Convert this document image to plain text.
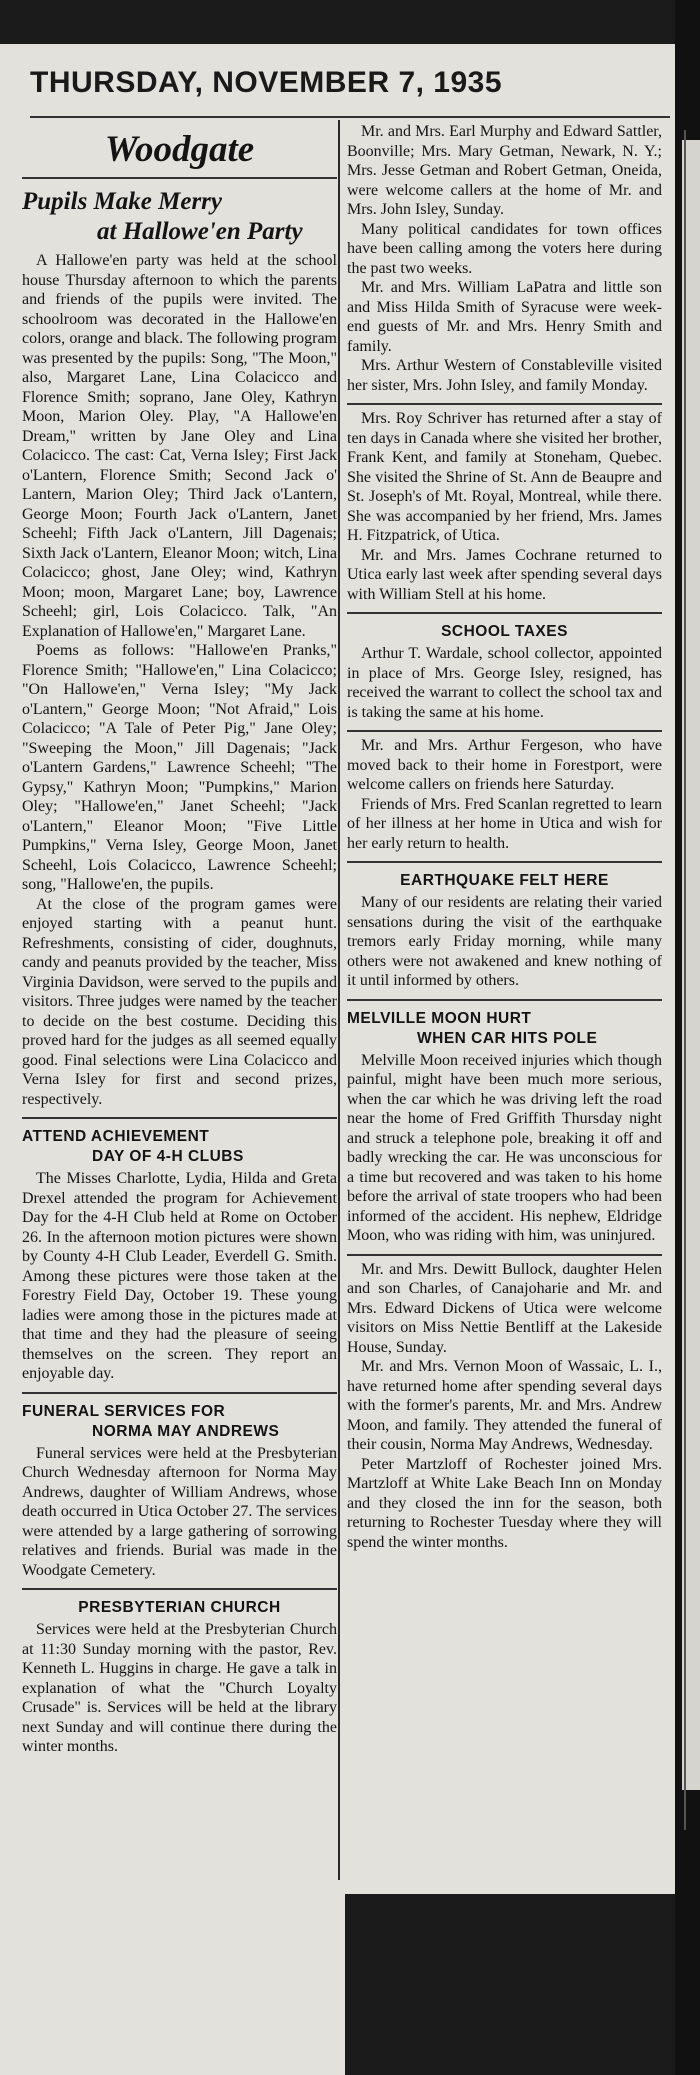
THURSDAY, NOVEMBER 7, 1935
Woodgate
Pupils Make Merry
at Hallowe'en Party

A Hallowe'en party was held at the school house Thursday afternoon to which the parents and friends of the pupils were invited. The schoolroom was decorated in the Hallowe'en colors, orange and black. The following program was presented by the pupils: Song, "The Moon," also, Margaret Lane, Lina Colacicco and Florence Smith; soprano, Jane Oley, Kathryn Moon, Marion Oley. Play, "A Hallowe'en Dream," written by Jane Oley and Lina Colacicco. The cast: Cat, Verna Isley; First Jack o'Lantern, Florence Smith; Second Jack o' Lantern, Marion Oley; Third Jack o'Lantern, George Moon; Fourth Jack o'Lantern, Janet Scheehl; Fifth Jack o'Lantern, Jill Dagenais; Sixth Jack o'Lantern, Eleanor Moon; witch, Lina Colacicco; ghost, Jane Oley; wind, Kathryn Moon; moon, Margaret Lane; boy, Lawrence Scheehl; girl, Lois Colacicco. Talk, "An Explanation of Hallowe'en," Margaret Lane.

Poems as follows: "Hallowe'en Pranks," Florence Smith; "Hallowe'en," Lina Colacicco; "On Hallowe'en," Verna Isley; "My Jack o'Lantern," George Moon; "Not Afraid," Lois Colacicco; "A Tale of Peter Pig," Jane Oley; "Sweeping the Moon," Jill Dagenais; "Jack o'Lantern Gardens," Lawrence Scheehl; "The Gypsy," Kathryn Moon; "Pumpkins," Marion Oley; "Hallowe'en," Janet Scheehl; "Jack o'Lantern," Eleanor Moon; "Five Little Pumpkins," Verna Isley, George Moon, Janet Scheehl, Lois Colacicco, Lawrence Scheehl; song, "Hallowe'en, the pupils.

At the close of the program games were enjoyed starting with a peanut hunt. Refreshments, consisting of cider, doughnuts, candy and peanuts provided by the teacher, Miss Virginia Davidson, were served to the pupils and visitors. Three judges were named by the teacher to decide on the best costume. Deciding this proved hard for the judges as all seemed equally good. Final selections were Lina Colacicco and Verna Isley for first and second prizes, respectively.

ATTEND ACHIEVEMENT
DAY OF 4-H CLUBS

The Misses Charlotte, Lydia, Hilda and Greta Drexel attended the program for Achievement Day for the 4-H Club held at Rome on October 26. In the afternoon motion pictures were shown by County 4-H Club Leader, Everdell G. Smith. Among these pictures were those taken at the Forestry Field Day, October 19. These young ladies were among those in the pictures made at that time and they had the pleasure of seeing themselves on the screen. They report an enjoyable day.

FUNERAL SERVICES FOR
NORMA MAY ANDREWS

Funeral services were held at the Presbyterian Church Wednesday afternoon for Norma May Andrews, daughter of William Andrews, whose death occurred in Utica October 27. The services were attended by a large gathering of sorrowing relatives and friends. Burial was made in the Woodgate Cemetery.

PRESBYTERIAN CHURCH

Services were held at the Presbyterian Church at 11:30 Sunday morning with the pastor, Rev. Kenneth L. Huggins in charge. He gave a talk in explanation of what the "Church Loyalty Crusade" is. Services will be held at the library next Sunday and will continue there during the winter months.

Mr. and Mrs. Earl Murphy and Edward Sattler, Boonville; Mrs. Mary Getman, Newark, N. Y.; Mrs. Jesse Getman and Robert Getman, Oneida, were welcome callers at the home of Mr. and Mrs. John Isley, Sunday.

Many political candidates for town offices have been calling among the voters here during the past two weeks.

Mr. and Mrs. William LaPatra and little son and Miss Hilda Smith of Syracuse were week-end guests of Mr. and Mrs. Henry Smith and family.

Mrs. Arthur Western of Constableville visited her sister, Mrs. John Isley, and family Monday.

Mrs. Roy Schriver has returned after a stay of ten days in Canada where she visited her brother, Frank Kent, and family at Stoneham, Quebec. She visited the Shrine of St. Ann de Beaupre and St. Joseph's of Mt. Royal, Montreal, while there. She was accompanied by her friend, Mrs. James H. Fitzpatrick, of Utica.

Mr. and Mrs. James Cochrane returned to Utica early last week after spending several days with William Stell at his home.

SCHOOL TAXES

Arthur T. Wardale, school collector, appointed in place of Mrs. George Isley, resigned, has received the warrant to collect the school tax and is taking the same at his home.

Mr. and Mrs. Arthur Fergeson, who have moved back to their home in Forestport, were welcome callers on friends here Saturday.

Friends of Mrs. Fred Scanlan regretted to learn of her illness at her home in Utica and wish for her early return to health.

EARTHQUAKE FELT HERE

Many of our residents are relating their varied sensations during the visit of the earthquake tremors early Friday morning, while many others were not awakened and knew nothing of it until informed by others.

MELVILLE MOON HURT
WHEN CAR HITS POLE

Melville Moon received injuries which though painful, might have been much more serious, when the car which he was driving left the road near the home of Fred Griffith Thursday night and struck a telephone pole, breaking it off and badly wrecking the car. He was unconscious for a time but recovered and was taken to his home before the arrival of state troopers who had been informed of the accident. His nephew, Eldridge Moon, who was riding with him, was uninjured.

Mr. and Mrs. Dewitt Bullock, daughter Helen and son Charles, of Canajoharie and Mr. and Mrs. Edward Dickens of Utica were welcome visitors on Miss Nettie Bentliff at the Lakeside House, Sunday.

Mr. and Mrs. Vernon Moon of Wassaic, L. I., have returned home after spending several days with the former's parents, Mr. and Mrs. Andrew Moon, and family. They attended the funeral of their cousin, Norma May Andrews, Wednesday.

Peter Martzloff of Rochester joined Mrs. Martzloff at White Lake Beach Inn on Monday and they closed the inn for the season, both returning to Rochester Tuesday where they will spend the winter months.
